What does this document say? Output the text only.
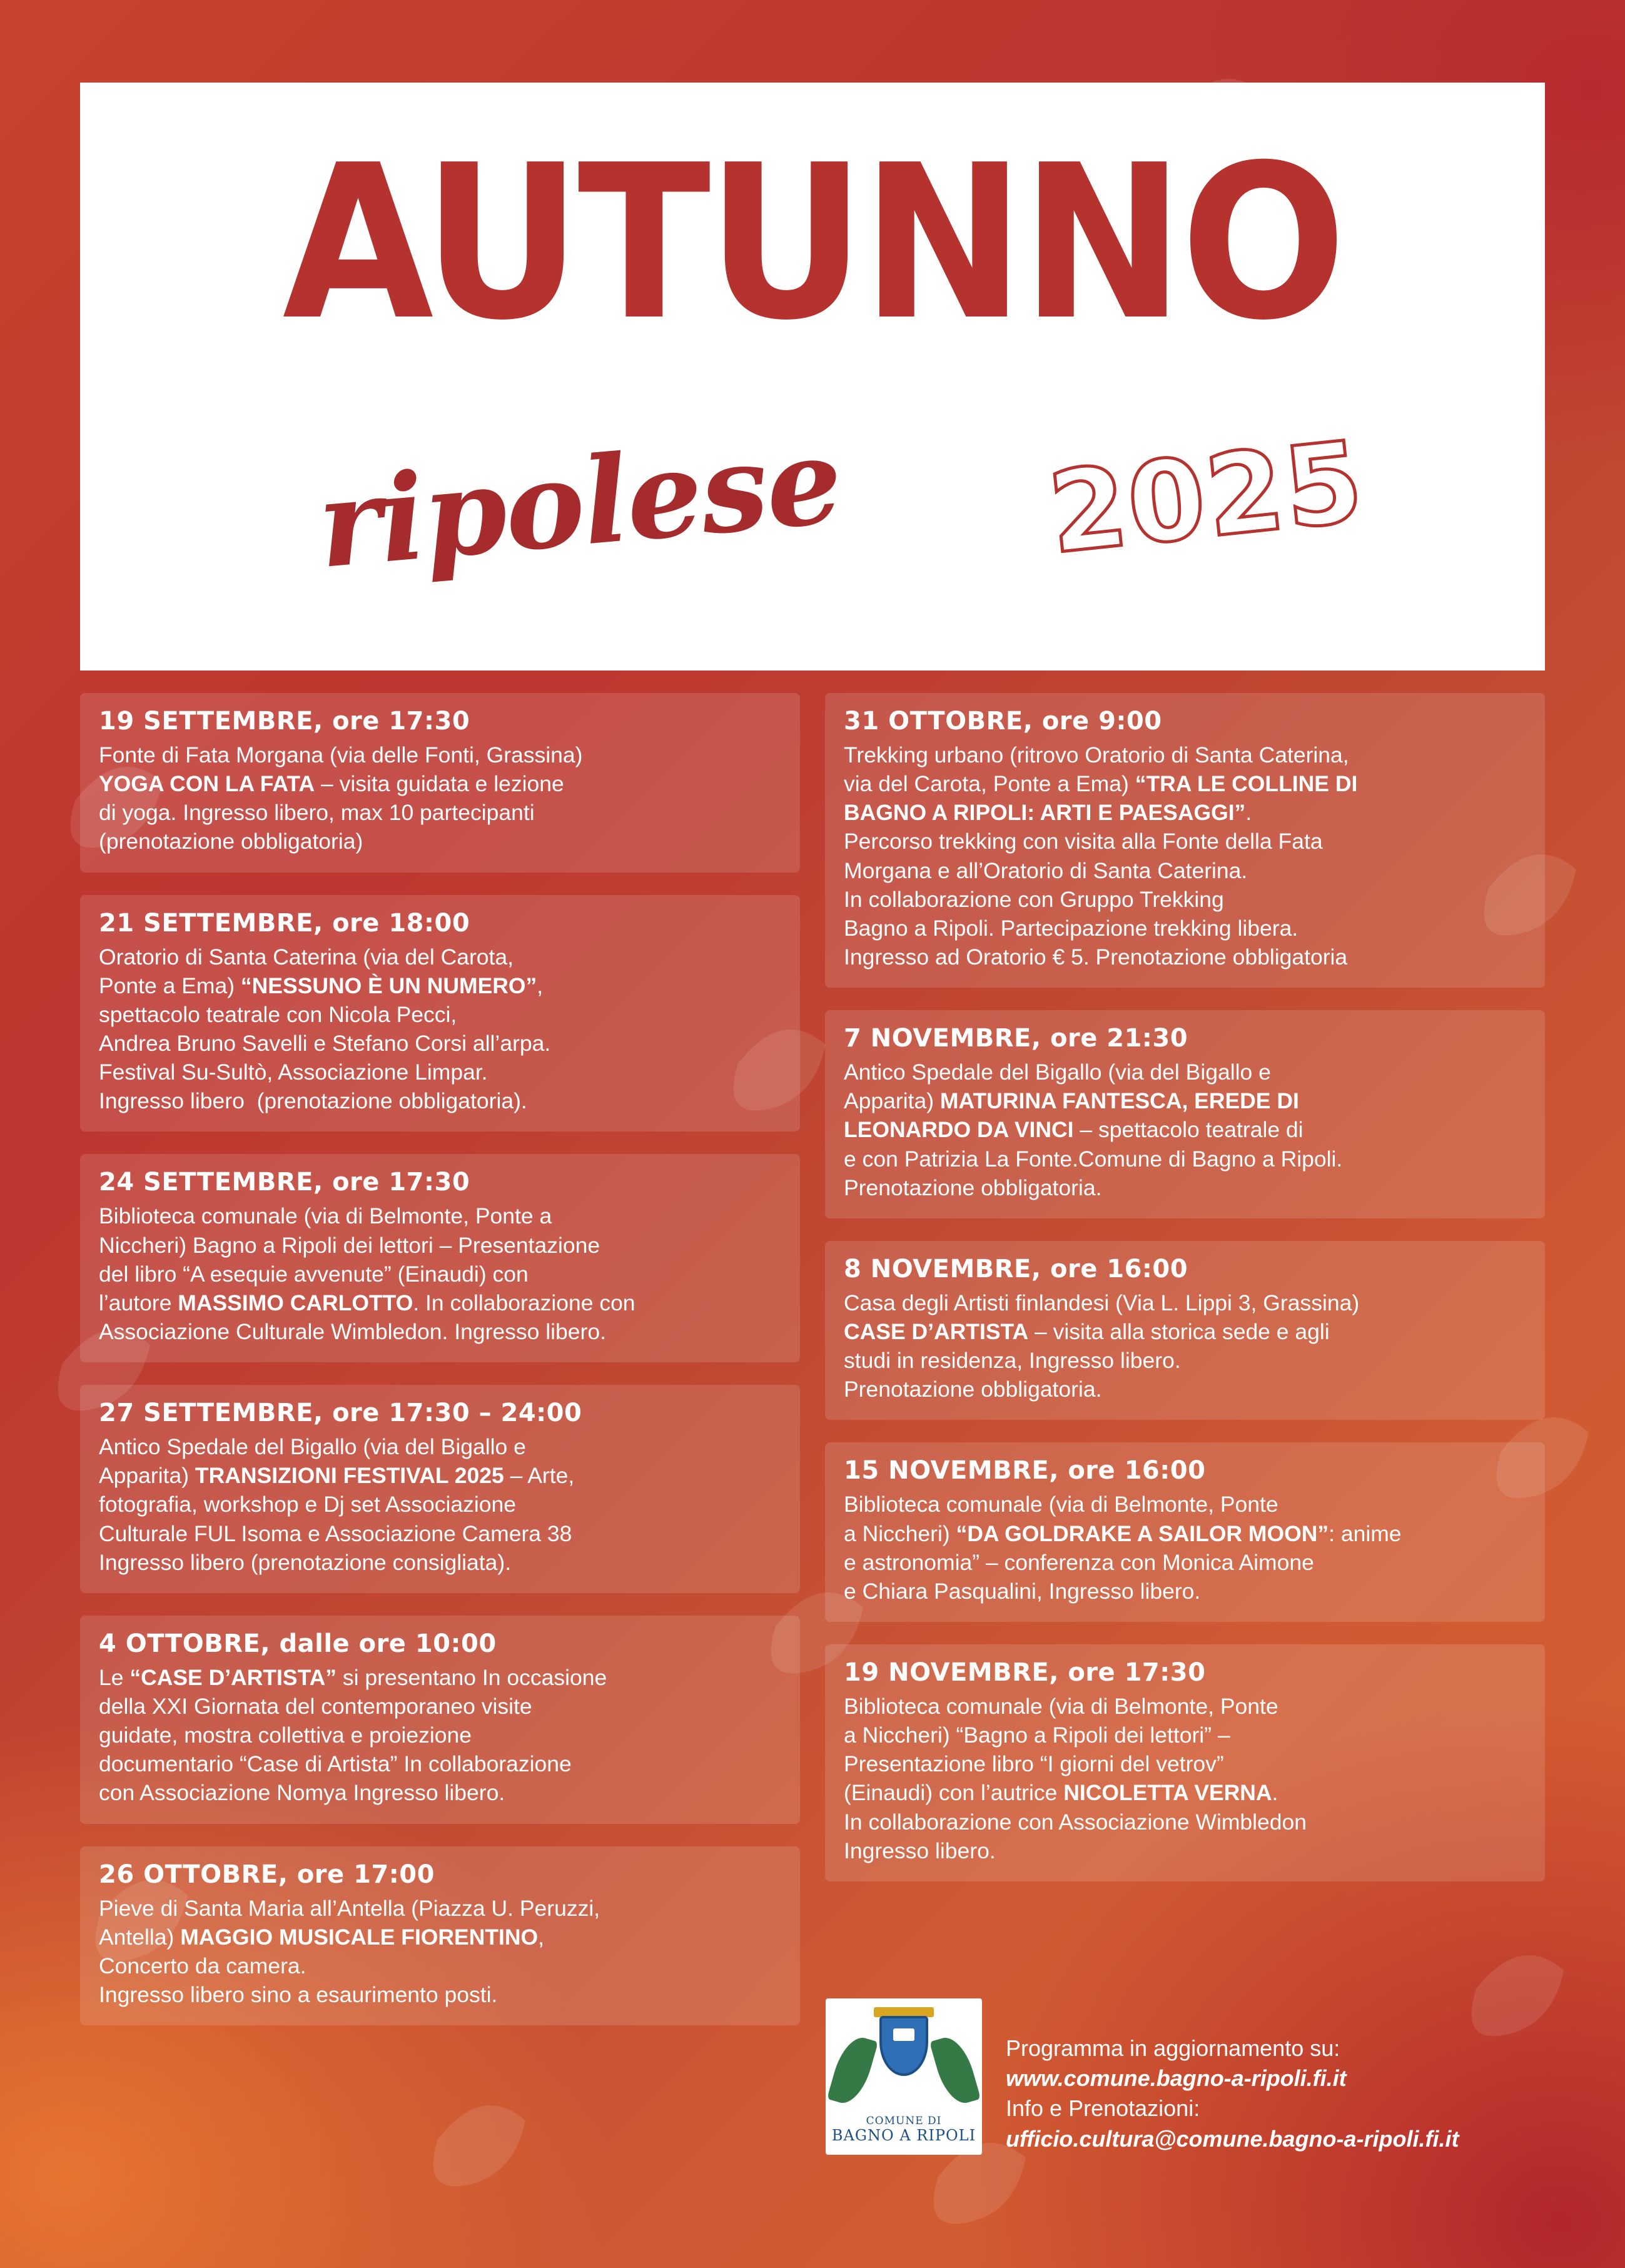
AUTUNNO
ripolese 2025
19 SETTEMBRE, ore 17:30
Fonte di Fata Morgana (via delle Fonti, Grassina)
YOGA CON LA FATA – visita guidata e lezione
di yoga. Ingresso libero, max 10 partecipanti
(prenotazione obbligatoria)
21 SETTEMBRE, ore 18:00
Oratorio di Santa Caterina (via del Carota,
Ponte a Ema) “NESSUNO È UN NUMERO”,
spettacolo teatrale con Nicola Pecci,
Andrea Bruno Savelli e Stefano Corsi all’arpa.
Festival Su-Sultò, Associazione Limpar.
Ingresso libero  (prenotazione obbligatoria).
24 SETTEMBRE, ore 17:30
Biblioteca comunale (via di Belmonte, Ponte a
Niccheri) Bagno a Ripoli dei lettori – Presentazione
del libro “A esequie avvenute” (Einaudi) con
l’autore MASSIMO CARLOTTO. In collaborazione con
Associazione Culturale Wimbledon. Ingresso libero.
27 SETTEMBRE, ore 17:30 – 24:00
Antico Spedale del Bigallo (via del Bigallo e
Apparita) TRANSIZIONI FESTIVAL 2025 – Arte,
fotografia, workshop e Dj set Associazione
Culturale FUL Isoma e Associazione Camera 38
Ingresso libero (prenotazione consigliata).
4 OTTOBRE, dalle ore 10:00
Le “CASE D’ARTISTA” si presentano In occasione
della XXI Giornata del contemporaneo visite
guidate, mostra collettiva e proiezione
documentario “Case di Artista” In collaborazione
con Associazione Nomya Ingresso libero.
26 OTTOBRE, ore 17:00
Pieve di Santa Maria all’Antella (Piazza U. Peruzzi,
Antella) MAGGIO MUSICALE FIORENTINO,
Concerto da camera.
Ingresso libero sino a esaurimento posti.
31 OTTOBRE, ore 9:00
Trekking urbano (ritrovo Oratorio di Santa Caterina,
via del Carota, Ponte a Ema) “TRA LE COLLINE DI
BAGNO A RIPOLI: ARTI E PAESAGGI”.
Percorso trekking con visita alla Fonte della Fata
Morgana e all’Oratorio di Santa Caterina.
In collaborazione con Gruppo Trekking
Bagno a Ripoli. Partecipazione trekking libera.
Ingresso ad Oratorio € 5. Prenotazione obbligatoria
7 NOVEMBRE, ore 21:30
Antico Spedale del Bigallo (via del Bigallo e
Apparita) MATURINA FANTESCA, EREDE DI
LEONARDO DA VINCI – spettacolo teatrale di
e con Patrizia La Fonte.Comune di Bagno a Ripoli.
Prenotazione obbligatoria.
8 NOVEMBRE, ore 16:00
Casa degli Artisti finlandesi (Via L. Lippi 3, Grassina)
CASE D’ARTISTA – visita alla storica sede e agli
studi in residenza, Ingresso libero.
Prenotazione obbligatoria.
15 NOVEMBRE, ore 16:00
Biblioteca comunale (via di Belmonte, Ponte
a Niccheri) “DA GOLDRAKE A SAILOR MOON”: anime
e astronomia” – conferenza con Monica Aimone
e Chiara Pasqualini, Ingresso libero.
19 NOVEMBRE, ore 17:30
Biblioteca comunale (via di Belmonte, Ponte
a Niccheri) “Bagno a Ripoli dei lettori” –
Presentazione libro “I giorni del vetrov”
(Einaudi) con l’autrice NICOLETTA VERNA.
In collaborazione con Associazione Wimbledon
Ingresso libero.
COMUNE DI
BAGNO A RIPOLI
Programma in aggiornamento su:
www.comune.bagno-a-ripoli.fi.it
Info e Prenotazioni:
ufficio.cultura@comune.bagno-a-ripoli.fi.it
